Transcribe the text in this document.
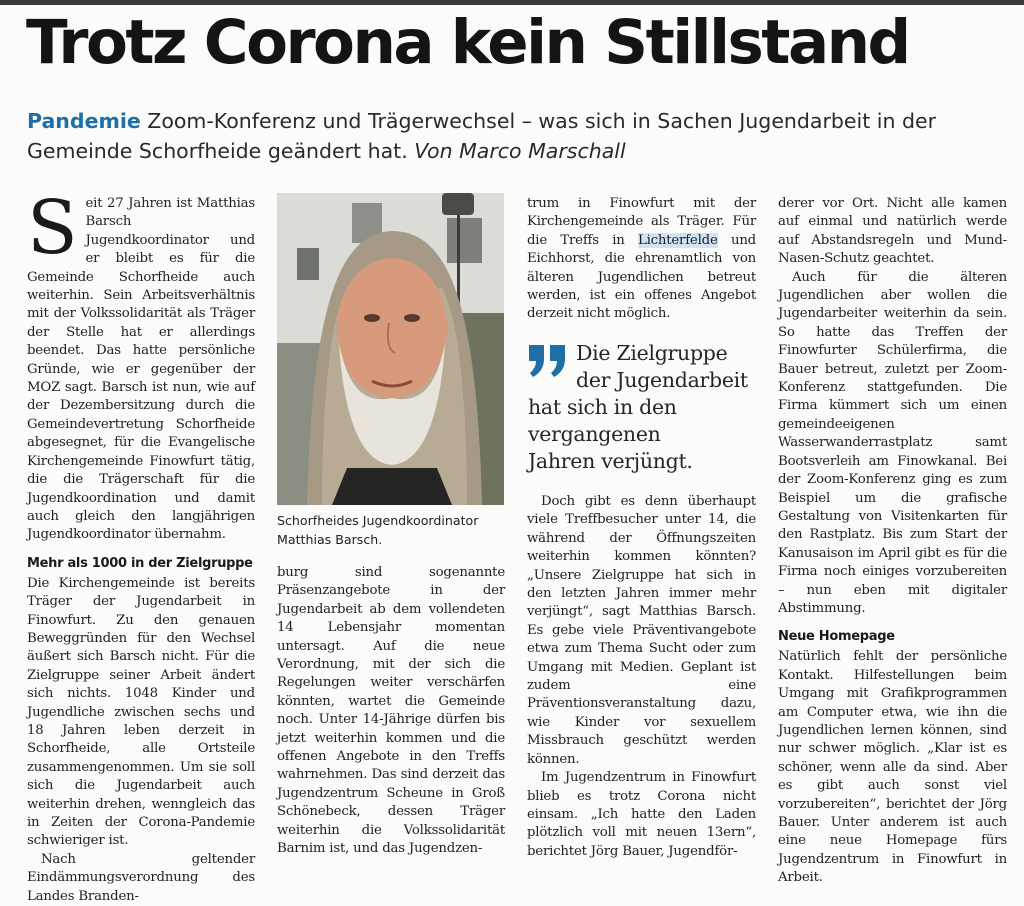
Trotz Corona kein Stillstand
Pandemie Zoom-Konferenz und Trägerwechsel – was sich in Sachen Jugendarbeit in der Gemeinde Schorfheide geändert hat. Von Marco Marschall

Seit 27 Jahren ist Matthias Barsch Jugendkoordinator und er bleibt es für die Gemeinde Schorfheide auch weiterhin. Sein Arbeitsverhältnis mit der Volkssolidarität als Träger der Stelle hat er allerdings beendet. Das hatte persönliche Gründe, wie er gegenüber der MOZ sagt. Barsch ist nun, wie auf der Dezembersitzung durch die Gemeindevertretung Schorfheide abgesegnet, für die Evangelische Kirchengemeinde Finowfurt tätig, die die Trägerschaft für die Jugendkoordination und damit auch gleich den langjährigen Jugendkoordinator übernahm.

Mehr als 1000 in der Zielgruppe

Die Kirchengemeinde ist bereits Träger der Jugendarbeit in Finowfurt. Zu den genauen Beweggründen für den Wechsel äußert sich Barsch nicht. Für die Zielgruppe seiner Arbeit ändert sich nichts. 1048 Kinder und Jugendliche zwischen sechs und 18 Jahren leben derzeit in Schorfheide, alle Ortsteile zusammengenommen. Um sie soll sich die Jugendarbeit auch weiterhin drehen, wenngleich das in Zeiten der Corona-Pandemie schwieriger ist.

Nach geltender Eindämmungsverordnung des Landes Branden-

Schorfheides Jugendkoordinator Matthias Barsch.

burg sind sogenannte Präsenzangebote in der Jugendarbeit ab dem vollendeten 14 Lebensjahr momentan untersagt. Auf die neue Verordnung, mit der sich die Regelungen weiter verschärfen könnten, wartet die Gemeinde noch. Unter 14-Jährige dürfen bis jetzt weiterhin kommen und die offenen Angebote in den Treffs wahrnehmen. Das sind derzeit das Jugendzentrum Scheune in Groß Schönebeck, dessen Träger weiterhin die Volkssolidarität Barnim ist, und das Jugendzen-

trum in Finowfurt mit der Kirchengemeinde als Träger. Für die Treffs in Lichterfelde und Eichhorst, die ehrenamtlich von älteren Jugendlichen betreut werden, ist ein offenes Angebot derzeit nicht möglich.

Die Zielgruppe
der Jugendarbeit
hat sich in den vergangenen Jahren verjüngt.

Doch gibt es denn überhaupt viele Treffbesucher unter 14, die während der Öffnungszeiten weiterhin kommen könnten? „Unsere Zielgruppe hat sich in den letzten Jahren immer mehr verjüngt“, sagt Matthias Barsch. Es gebe viele Präventivangebote etwa zum Thema Sucht oder zum Umgang mit Medien. Geplant ist zudem eine Präventionsveranstaltung dazu, wie Kinder vor sexuellem Missbrauch geschützt werden können.

Im Jugendzentrum in Finowfurt blieb es trotz Corona nicht einsam. „Ich hatte den Laden plötzlich voll mit neuen 13ern“, berichtet Jörg Bauer, Jugendför-

derer vor Ort. Nicht alle kamen auf einmal und natürlich werde auf Abstandsregeln und Mund-Nasen-Schutz geachtet.

Auch für die älteren Jugendlichen aber wollen die Jugendarbeiter weiterhin da sein. So hatte das Treffen der Finowfurter Schülerfirma, die Bauer betreut, zuletzt per Zoom-Konferenz stattgefunden. Die Firma kümmert sich um einen gemeindeeigenen Wasserwanderrastplatz samt Bootsverleih am Finowkanal. Bei der Zoom-Konferenz ging es zum Beispiel um die grafische Gestaltung von Visitenkarten für den Rastplatz. Bis zum Start der Kanusaison im April gibt es für die Firma noch einiges vorzubereiten – nun eben mit digitaler Abstimmung.

Neue Homepage

Natürlich fehlt der persönliche Kontakt. Hilfestellungen beim Umgang mit Grafikprogrammen am Computer etwa, wie ihn die Jugendlichen lernen können, sind nur schwer möglich. „Klar ist es schöner, wenn alle da sind. Aber es gibt auch sonst viel vorzubereiten“, berichtet der Jörg Bauer. Unter anderem ist auch eine neue Homepage fürs Jugendzentrum in Finowfurt in Arbeit.
